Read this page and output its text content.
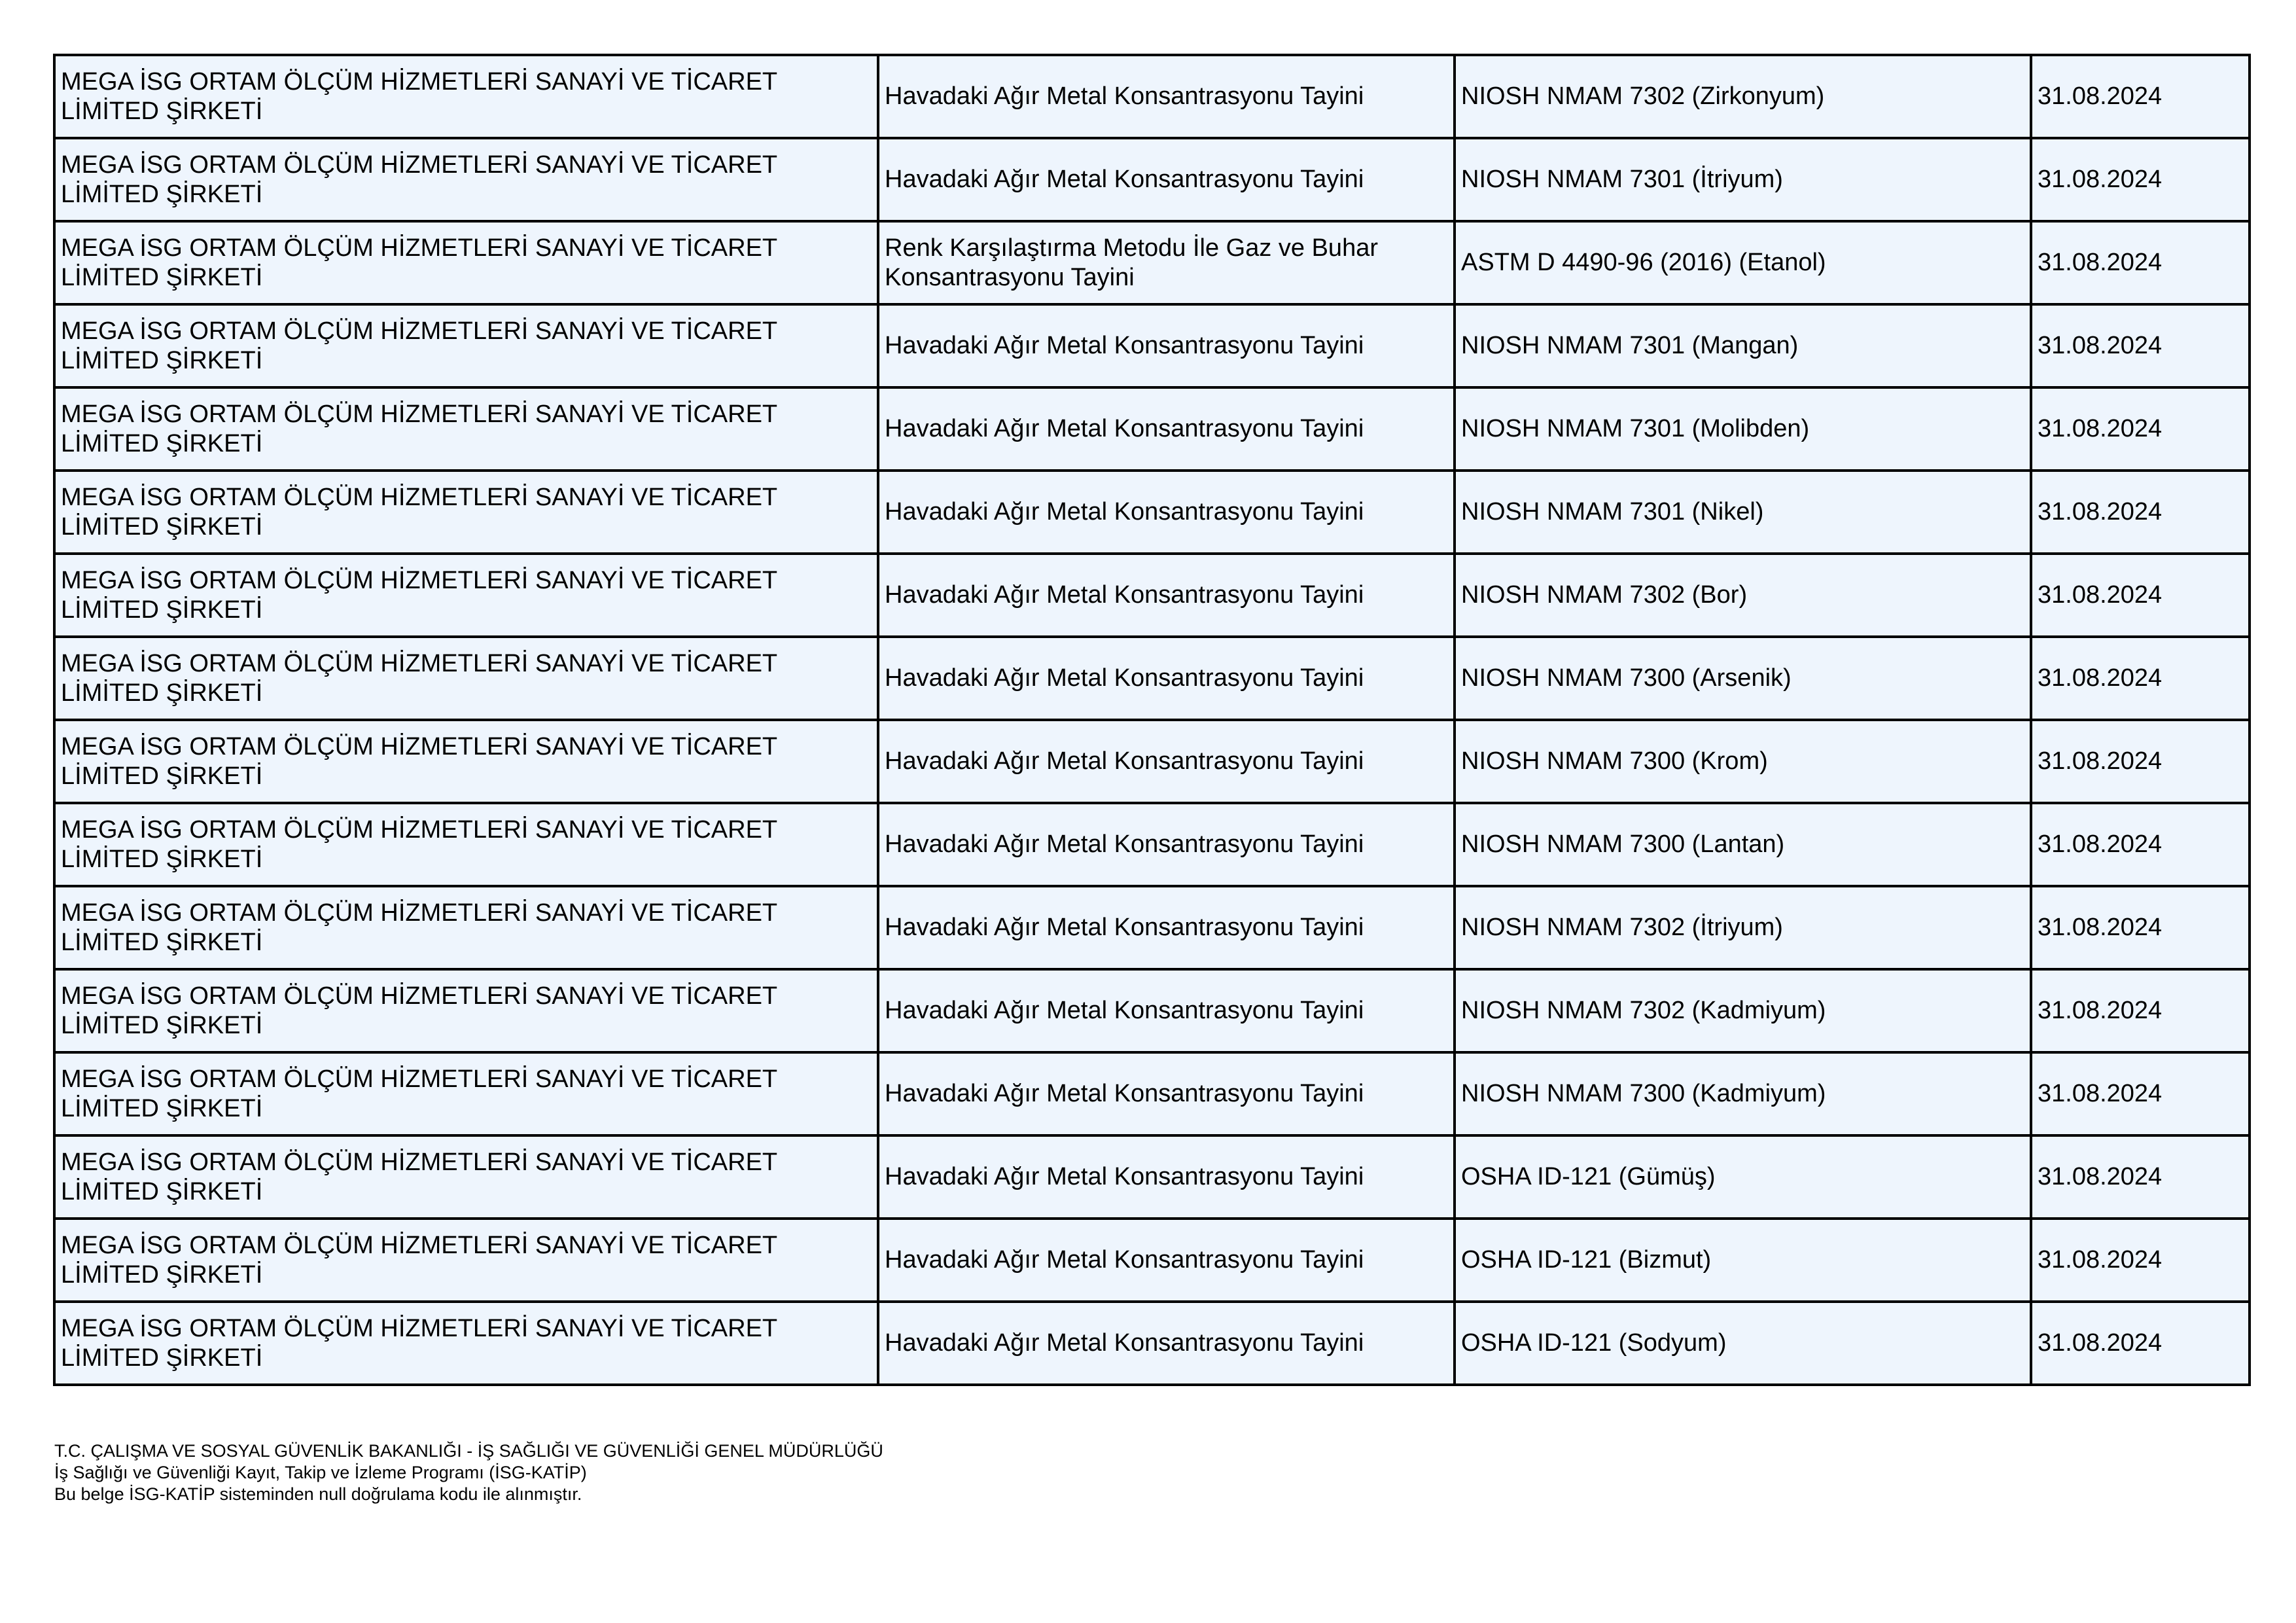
MEGA İSG ORTAM ÖLÇÜM HİZMETLERİ SANAYİ VE TİCARET LİMİTED ŞİRKETİ	Havadaki Ağır Metal Konsantrasyonu Tayini	NIOSH NMAM 7302 (Zirkonyum)	31.08.2024
MEGA İSG ORTAM ÖLÇÜM HİZMETLERİ SANAYİ VE TİCARET LİMİTED ŞİRKETİ	Havadaki Ağır Metal Konsantrasyonu Tayini	NIOSH NMAM 7301 (İtriyum)	31.08.2024
MEGA İSG ORTAM ÖLÇÜM HİZMETLERİ SANAYİ VE TİCARET LİMİTED ŞİRKETİ	Renk Karşılaştırma Metodu İle Gaz ve Buhar Konsantrasyonu Tayini	ASTM D 4490-96 (2016) (Etanol)	31.08.2024
MEGA İSG ORTAM ÖLÇÜM HİZMETLERİ SANAYİ VE TİCARET LİMİTED ŞİRKETİ	Havadaki Ağır Metal Konsantrasyonu Tayini	NIOSH NMAM 7301 (Mangan)	31.08.2024
MEGA İSG ORTAM ÖLÇÜM HİZMETLERİ SANAYİ VE TİCARET LİMİTED ŞİRKETİ	Havadaki Ağır Metal Konsantrasyonu Tayini	NIOSH NMAM 7301 (Molibden)	31.08.2024
MEGA İSG ORTAM ÖLÇÜM HİZMETLERİ SANAYİ VE TİCARET LİMİTED ŞİRKETİ	Havadaki Ağır Metal Konsantrasyonu Tayini	NIOSH NMAM 7301 (Nikel)	31.08.2024
MEGA İSG ORTAM ÖLÇÜM HİZMETLERİ SANAYİ VE TİCARET LİMİTED ŞİRKETİ	Havadaki Ağır Metal Konsantrasyonu Tayini	NIOSH NMAM 7302 (Bor)	31.08.2024
MEGA İSG ORTAM ÖLÇÜM HİZMETLERİ SANAYİ VE TİCARET LİMİTED ŞİRKETİ	Havadaki Ağır Metal Konsantrasyonu Tayini	NIOSH NMAM 7300 (Arsenik)	31.08.2024
MEGA İSG ORTAM ÖLÇÜM HİZMETLERİ SANAYİ VE TİCARET LİMİTED ŞİRKETİ	Havadaki Ağır Metal Konsantrasyonu Tayini	NIOSH NMAM 7300 (Krom)	31.08.2024
MEGA İSG ORTAM ÖLÇÜM HİZMETLERİ SANAYİ VE TİCARET LİMİTED ŞİRKETİ	Havadaki Ağır Metal Konsantrasyonu Tayini	NIOSH NMAM 7300 (Lantan)	31.08.2024
MEGA İSG ORTAM ÖLÇÜM HİZMETLERİ SANAYİ VE TİCARET LİMİTED ŞİRKETİ	Havadaki Ağır Metal Konsantrasyonu Tayini	NIOSH NMAM 7302 (İtriyum)	31.08.2024
MEGA İSG ORTAM ÖLÇÜM HİZMETLERİ SANAYİ VE TİCARET LİMİTED ŞİRKETİ	Havadaki Ağır Metal Konsantrasyonu Tayini	NIOSH NMAM 7302 (Kadmiyum)	31.08.2024
MEGA İSG ORTAM ÖLÇÜM HİZMETLERİ SANAYİ VE TİCARET LİMİTED ŞİRKETİ	Havadaki Ağır Metal Konsantrasyonu Tayini	NIOSH NMAM 7300 (Kadmiyum)	31.08.2024
MEGA İSG ORTAM ÖLÇÜM HİZMETLERİ SANAYİ VE TİCARET LİMİTED ŞİRKETİ	Havadaki Ağır Metal Konsantrasyonu Tayini	OSHA ID-121 (Gümüş)	31.08.2024
MEGA İSG ORTAM ÖLÇÜM HİZMETLERİ SANAYİ VE TİCARET LİMİTED ŞİRKETİ	Havadaki Ağır Metal Konsantrasyonu Tayini	OSHA ID-121 (Bizmut)	31.08.2024
MEGA İSG ORTAM ÖLÇÜM HİZMETLERİ SANAYİ VE TİCARET LİMİTED ŞİRKETİ	Havadaki Ağır Metal Konsantrasyonu Tayini	OSHA ID-121 (Sodyum)	31.08.2024
T.C. ÇALIŞMA VE SOSYAL GÜVENLİK BAKANLIĞI - İŞ SAĞLIĞI VE GÜVENLİĞİ GENEL MÜDÜRLÜĞÜ
İş Sağlığı ve Güvenliği Kayıt, Takip ve İzleme Programı (İSG-KATİP)
Bu belge İSG-KATİP sisteminden null doğrulama kodu ile alınmıştır.
